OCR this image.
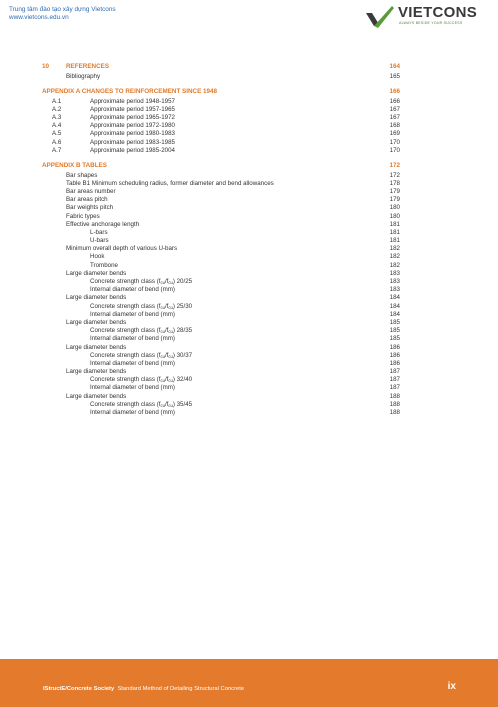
Trung tâm đào tạo xây dựng Vietcons
www.vietcons.edu.vn	VIETCONS
ALWAYS BESIDE YOUR SUCCESS
10	REFERENCES	164
Bibliography	165
APPENDIX A CHANGES TO REINFORCEMENT SINCE 1948	166
A.1	Approximate period 1948-1957	166
A.2	Approximate period 1957-1965	167
A.3	Approximate period 1965-1972	167
A.4	Approximate period 1972-1980	168
A.5	Approximate period 1980-1983	169
A.6	Approximate period 1983-1985	170
A.7	Approximate period 1985-2004	170
APPENDIX B TABLES	172
Bar shapes	172
Table B1 Minimum scheduling radius, former diameter and bend allowances	178
Bar areas number	179
Bar areas pitch	179
Bar weights pitch	180
Fabric types	180
Effective anchorage length	181
L-bars	181
U-bars	181
Minimum overall depth of various U-bars	182
Hook	182
Trombone	182
Large diameter bends	183
Concrete strength class (fcu/fcu) 20/25	183
Internal diameter of bend (mm)	183
Large diameter bends	184
Concrete strength class (fcu/fcu) 25/30	184
Internal diameter of bend (mm)	184
Large diameter bends	185
Concrete strength class (fcu/fcu) 28/35	185
Internal diameter of bend (mm)	185
Large diameter bends	186
Concrete strength class (fcu/fcu) 30/37	186
Internal diameter of bend (mm)	186
Large diameter bends	187
Concrete strength class (fcu/fcu) 32/40	187
Internal diameter of bend (mm)	187
Large diameter bends	188
Concrete strength class (fcu/fcu) 35/45	188
Internal diameter of bend (mm)	188
IStructE/Concrete Society Standard Method of Detailing Structural Concrete	ix
